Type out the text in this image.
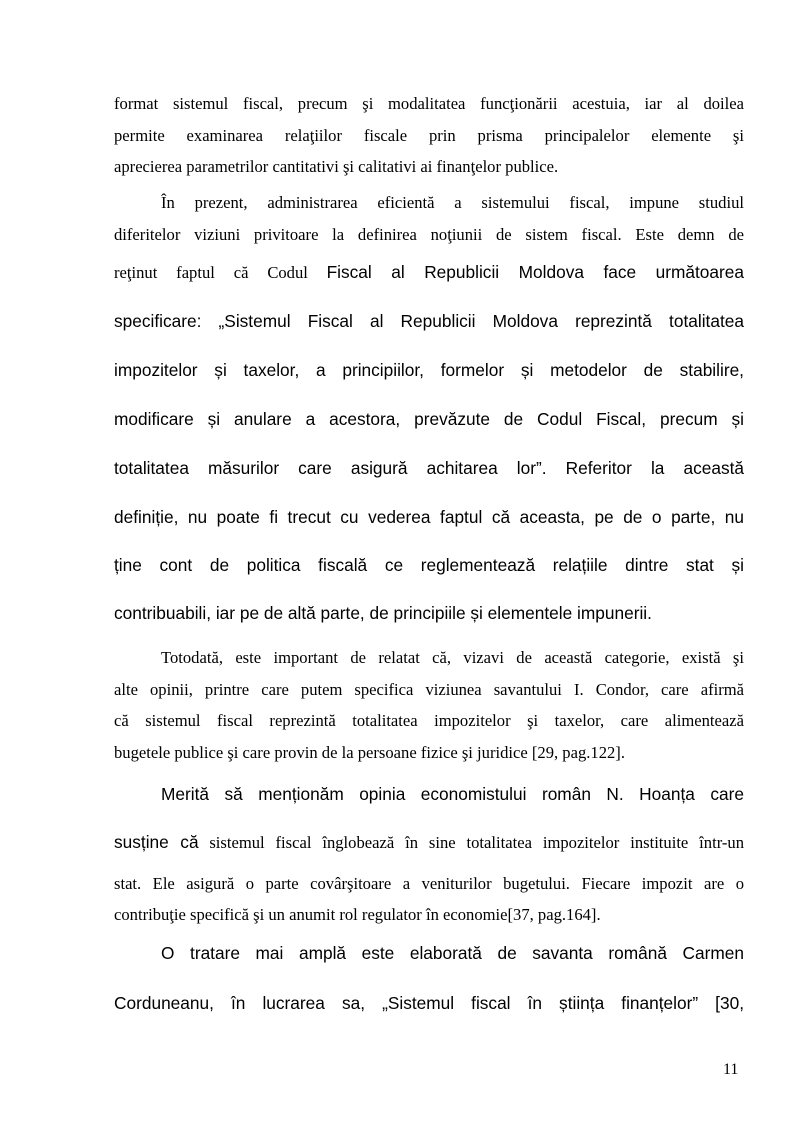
format sistemul fiscal, precum şi modalitatea funcţionării acestuia, iar al doilea

permite examinarea relaţiilor fiscale prin prisma principalelor elemente şi

aprecierea parametrilor cantitativi şi calitativi ai finanţelor publice.

În prezent, administrarea eficientă a sistemului fiscal, impune studiul

diferitelor viziuni privitoare la definirea noţiunii de sistem fiscal. Este demn de

reţinut faptul că Codul Fiscal al Republicii Moldova face următoarea

specificare: „Sistemul Fiscal al Republicii Moldova reprezintă totalitatea

impozitelor și taxelor, a principiilor, formelor și metodelor de stabilire,

modificare și anulare a acestora, prevăzute de Codul Fiscal, precum și

totalitatea măsurilor care asigură achitarea lor”. Referitor la această

definiție, nu poate fi trecut cu vederea faptul că aceasta, pe de o parte, nu

ține cont de politica fiscală ce reglementează relațiile dintre stat și

contribuabili, iar pe de altă parte, de principiile și elementele impunerii.

Totodată, este important de relatat că, vizavi de această categorie, există şi

alte opinii, printre care putem specifica viziunea savantului I. Condor, care afirmă

că sistemul fiscal reprezintă totalitatea impozitelor şi taxelor, care alimentează

bugetele publice şi care provin de la persoane fizice şi juridice [29, pag.122].

Merită să menționăm opinia economistului român N. Hoanța care

susține că sistemul fiscal înglobează în sine totalitatea impozitelor instituite într-un

stat. Ele asigură o parte covârşitoare a veniturilor bugetului. Fiecare impozit are o

contribuţie specifică şi un anumit rol regulator în economie[37, pag.164].

O tratare mai amplă este elaborată de savanta română Carmen

Corduneanu, în lucrarea sa, „Sistemul fiscal în știința finanțelor” [30,

11
